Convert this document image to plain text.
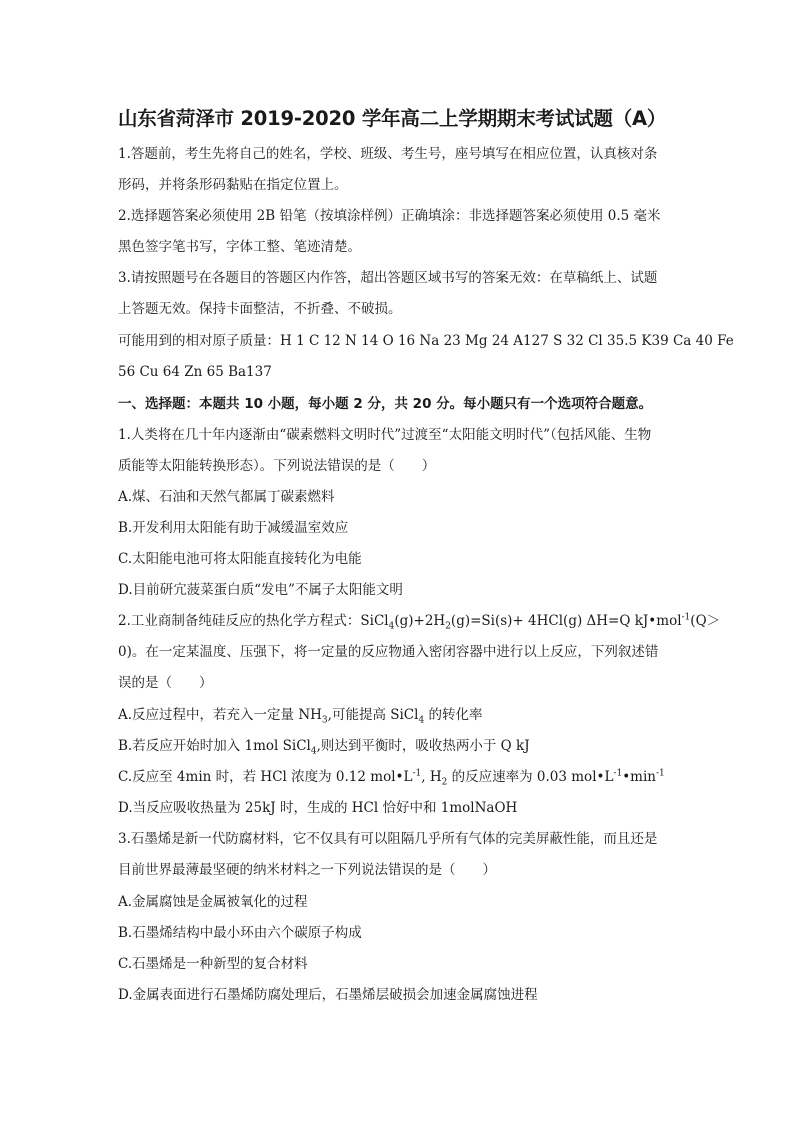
山东省菏泽市 2019-2020 学年高二上学期期末考试试题（A）
1.答题前，考生先将自己的姓名，学校、班级、考生号，座号填写在相应位置，认真核对条
形码，并将条形码黏贴在指定位置上。
2.选择题答案必须使用 2B 铅笔（按填涂样例）正确填涂：非选择题答案必须使用 0.5 毫米
黑色签字笔书写，字体工整、笔迹清楚。
3.请按照题号在各题目的答题区内作答，超出答题区域书写的答案无效：在草稿纸上、试题
上答题无效。保持卡面整洁，不折叠、不破损。
可能用到的相对原子质量：H 1 C 12 N 14 O 16 Na 23 Mg 24 A127 S 32 Cl 35.5 K39 Ca 40 Fe
56 Cu 64 Zn 65 Ba137
一、选择题：本题共 10 小题，每小题 2 分，共 20 分。每小题只有一个选项符合题意。
1.人类将在几十年内逐渐由“碳素燃料文明时代”过渡至“太阳能文明时代”（包括风能、生物
质能等太阳能转换形态）。下列说法错误的是（　　）
A.煤、石油和天然气都属丁碳素燃料
B.开发利用太阳能有助于减缓温室效应
C.太阳能电池可将太阳能直接转化为电能
D.目前研宂菠菜蛋白质“发电”不属子太阳能文明
2.工业商制备纯硅反应的热化学方程式：$SiCl_4(g)+2H_2(g)=Si(s)+ 4HCl(g)$ ΔH=Q kJ•mol$^{-1}$(Q＞
0)。在一定某温度、压强下，将一定量的反应物通入密闭容器中进行以上反应，下列叙述错
误的是（　　）
A.反应过程中，若充入一定量 $NH_3$,可能提高 SiCl$_4$ 的转化率
B.若反应开始时加入 1mol SiCl$_4$,则达到平衡时，吸收热两小于 Q kJ
C.反应至 4min 时，若 HCl 浓度为 0.12 $mol•L^{-1}$, $H_2$ 的反应速率为 0.03 $mol•L^{-1}•\min^{-1}$
D.当反应吸收热量为 25kJ 时，生成的 HCl 恰好中和 1molNaOH
3.石墨烯是新一代防腐材料，它不仅具有可以阻隔几乎所有气体的完美屏蔽性能，而且还是
目前世界最薄最坚硬的纳米材料之一下列说法错误的是（　　）
A.金属腐蚀是金属被氧化的过程
B.石墨烯结构中最小环由六个碳原子构成
C.石墨烯是一种新型的复合材料
D.金属表面进行石墨烯防腐处理后，石墨烯层破损会加速金属腐蚀进程
